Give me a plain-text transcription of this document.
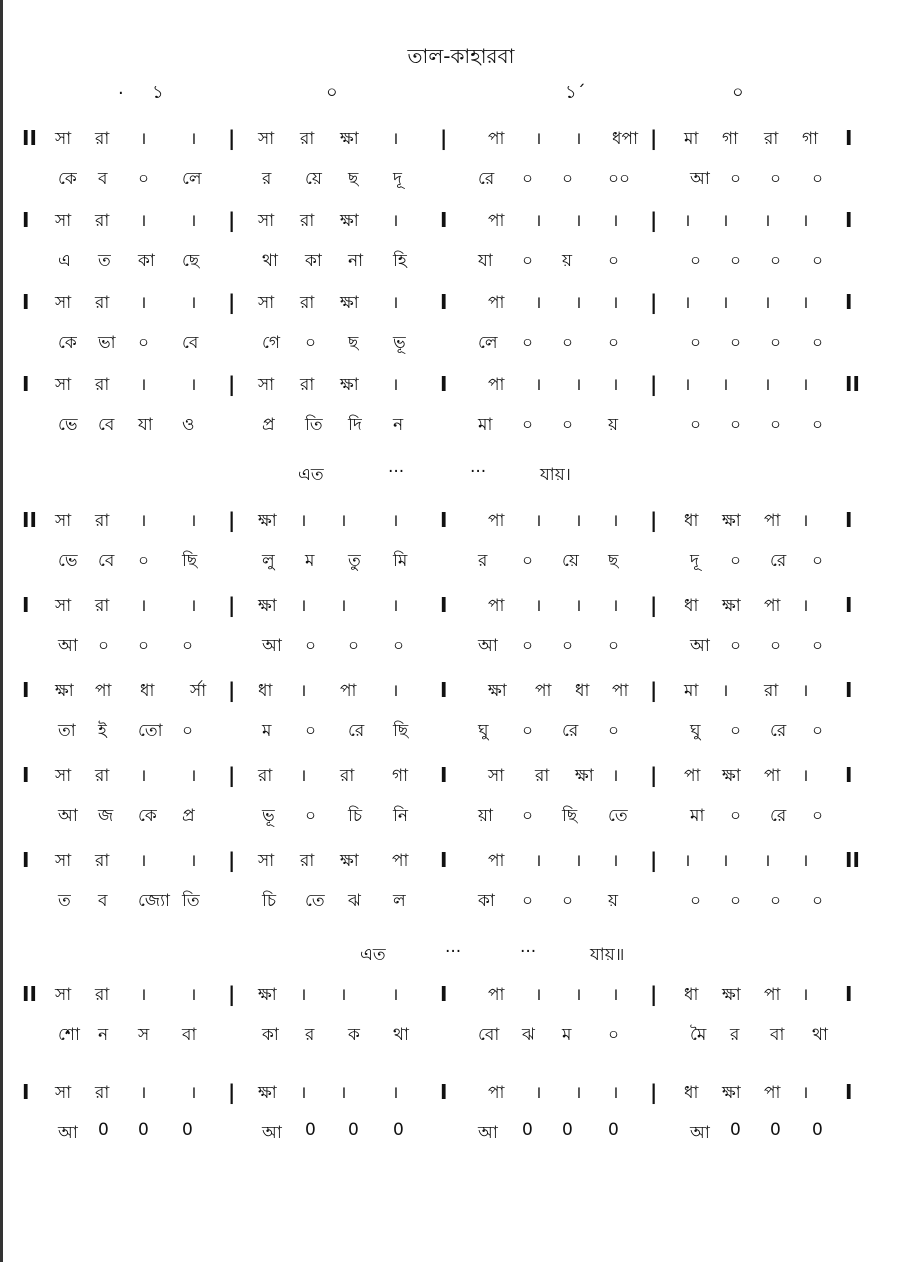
তাল-কাহারবা
. ১	০	১´	০
II সা রা ।	। | সা রা ক্ষা । | পা । । ধপা | মা গা রা গা I
কে ব ০ লে	র য়ে ছ দূ	রে ০ ০ ০০	আ ০ ০ ০
I সা রা ।	। | সা রা ক্ষা । I পা । । । | । । । । I
এ ত কা ছে	থা কা না হি	যা ০ য় ০	০ ০ ০ ০
I সা রা ।	। | সা রা ক্ষা । I পা । । । | । । । । I
কে ভা ০ বে	গে ০ ছ ভূ	লে ০ ০ ০	০ ০ ০ ০
I সা রা ।	। | সা রা ক্ষা । I পা । । । | । । । । II
ভে বে যা ও	প্র তি দি ন	মা ০ ০ য়	০ ০ ০ ০
এত	···	···	যায়।
II সা রা ।	। | ক্ষা । ।	। I পা । । । | ধা ক্ষা পা । I
ভে বে ০ ছি	লু ম তু মি	র ০ য়ে ছ	দূ ০ রে ০
I সা রা ।	। | ক্ষা । ।	। I পা । । । | ধা ক্ষা পা । I
আ ০ ০ ০	আ ০ ০ ০	আ ০ ০ ০	আ ০ ০ ০
I ক্ষা পা ধা র্সা | ধা । পা । I ক্ষা পা ধা পা | মা । রা । I
তা ই তো ০	ম ০ রে ছি	ঘু ০ রে ০	ঘু ০ রে ০
I সা রা ।	। | রা । রা গা I সা রা ক্ষা । | পা ক্ষা পা । I
আ জ কে প্র	ভূ ০ চি নি	য়া ০ ছি তে	মা ০ রে ০
I সা রা ।	। | সা রা ক্ষা পা I পা । । । | । । । । II
ত ব জ্যো তি	চি তে ঝ ল	কা ০ ০ য়	০ ০ ০ ০
এত	···	···	যায়॥
II সা রা ।	। | ক্ষা । ।	। I পা । । । | ধা ক্ষা পা । I
শো ন স বা	কা র ক থা	বো ঝ ম ০	মৈ র বা থা
I সা রা ।	। | ক্ষা । ।	। I পা । । । | ধা ক্ষা পা । I
আ 0 0 0	আ 0 0 0	আ 0 0 0	আ 0 0 0
